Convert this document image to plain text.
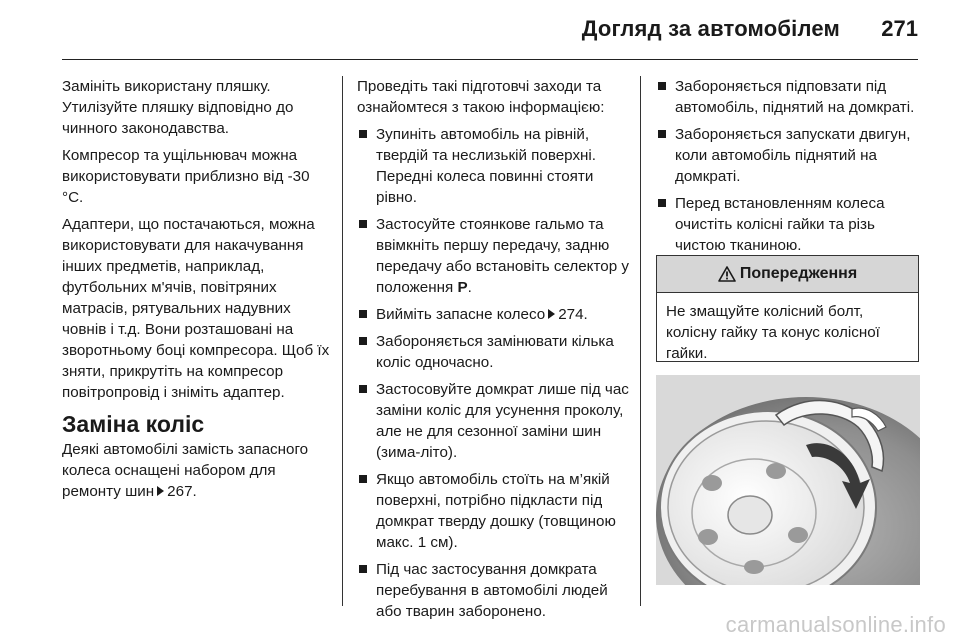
Догляд за автомобілем 271

Замініть використану пляшку. Утилізуйте пляшку відповідно до чинного законодавства.

Компресор та ущільнювач можна використовувати приблизно від -30 °C.

Адаптери, що постачаються, можна використовувати для накачування інших предметів, наприклад, футбольних м'ячів, повітряних матрасів, рятувальних надувних човнів і т.д. Вони розташовані на зворотньому боці компресора. Щоб їх зняти, прикрутіть на компресор повітропровід і зніміть адаптер.

Заміна коліс

Деякі автомобілі замість запасного колеса оснащені набором для ремонту шин 267.

Проведіть такі підготовчі заходи та ознайомтеся з такою інформацією:

Зупиніть автомобіль на рівній, твердій та неслизькій поверхні. Передні колеса повинні стояти рівно.
Застосуйте стоянкове гальмо та ввімкніть першу передачу, задню передачу або встановіть селектор у положення P.
Вийміть запасне колесо 274.
Забороняється замінювати кілька коліс одночасно.
Застосовуйте домкрат лише під час заміни коліс для усунення проколу, але не для сезонної заміни шин (зима-літо).
Якщо автомобіль стоїть на м’якій поверхні, потрібно підкласти під домкрат тверду дошку (товщиною макс. 1 см).
Під час застосування домкрата перебування в автомобілі людей або тварин заборонено.
Забороняється підповзати під автомобіль, піднятий на домкраті.
Забороняється запускати двигун, коли автомобіль піднятий на домкраті.
Перед встановленням колеса очистіть колісні гайки та різь чистою тканиною.
Попередження
Не змащуйте колісний болт, колісну гайку та конус колісної гайки.
carmanualsonline.info
